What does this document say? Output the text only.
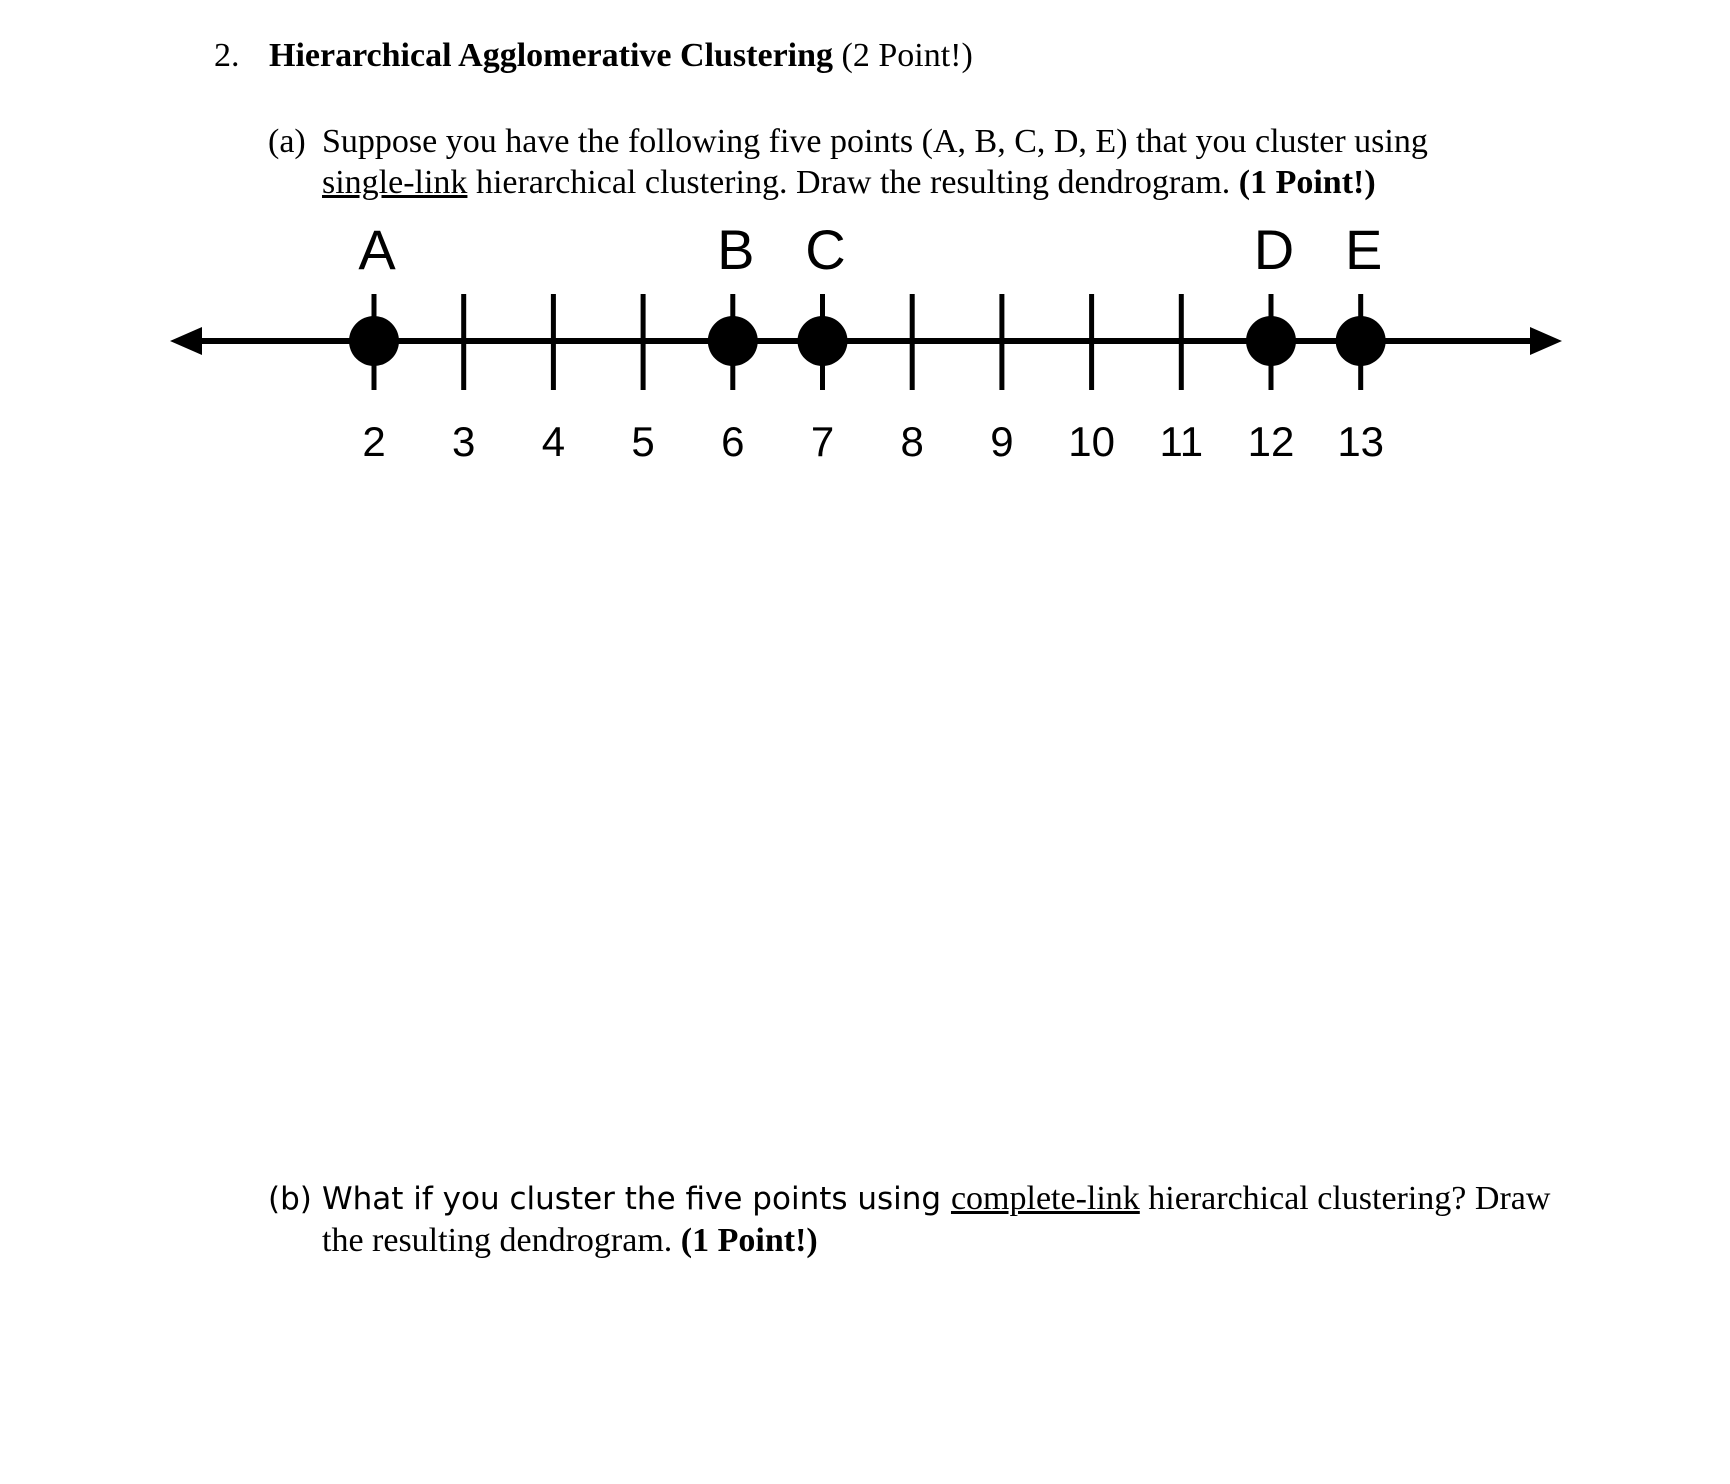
2. Hierarchical Agglomerative Clustering (2 Point!)
(a) Suppose you have the following five points (A, B, C, D, E) that you cluster using
single-link hierarchical clustering. Draw the resulting dendrogram. (1 Point!)
2 3 4 5 6 7 8 9 10 11 12 13
A	B C	D E
(b) What if you cluster the five points using complete-link hierarchical clustering? Draw
the resulting dendrogram. (1 Point!)
